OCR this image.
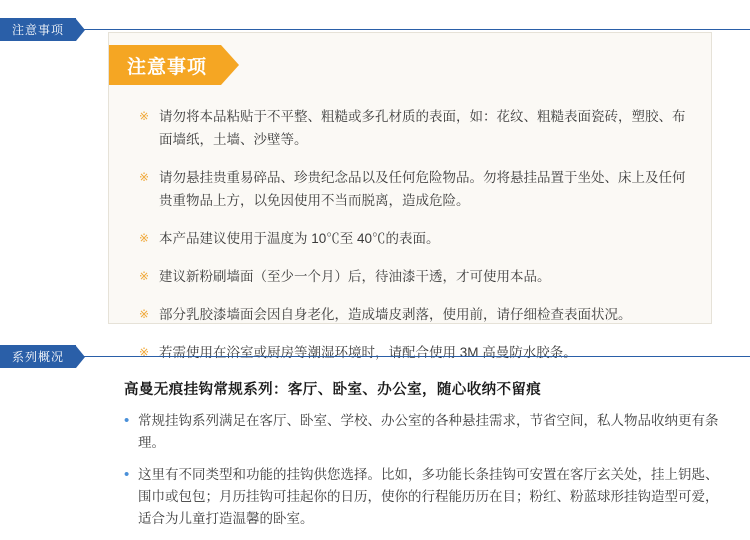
注意事项
注意事项
※ 请勿将本品粘贴于不平整、粗糙或多孔材质的表面，如：花纹、粗糙表面瓷砖，塑胶、布面墙纸，土墙、沙壁等。
※ 请勿悬挂贵重易碎品、珍贵纪念品以及任何危险物品。勿将悬挂品置于坐处、床上及任何贵重物品上方，以免因使用不当而脱离，造成危险。
※ 本产品建议使用于温度为 10℃至 40℃的表面。
※ 建议新粉刷墙面（至少一个月）后，待油漆干透，才可使用本品。
※ 部分乳胶漆墙面会因自身老化，造成墙皮剥落，使用前，请仔细检查表面状况。
※ 若需使用在浴室或厨房等潮湿环境时，请配合使用 3M 高曼防水胶条。
系列概况
高曼无痕挂钩常规系列：客厅、卧室、办公室，随心收纳不留痕
• 常规挂钩系列满足在客厅、卧室、学校、办公室的各种悬挂需求，节省空间，私人物品收纳更有条理。
• 这里有不同类型和功能的挂钩供您选择。比如，多功能长条挂钩可安置在客厅玄关处，挂上钥匙、围巾或包包；月历挂钩可挂起你的日历，使你的行程能历历在目；粉红、粉蓝球形挂钩造型可爱，适合为儿童打造温馨的卧室。
